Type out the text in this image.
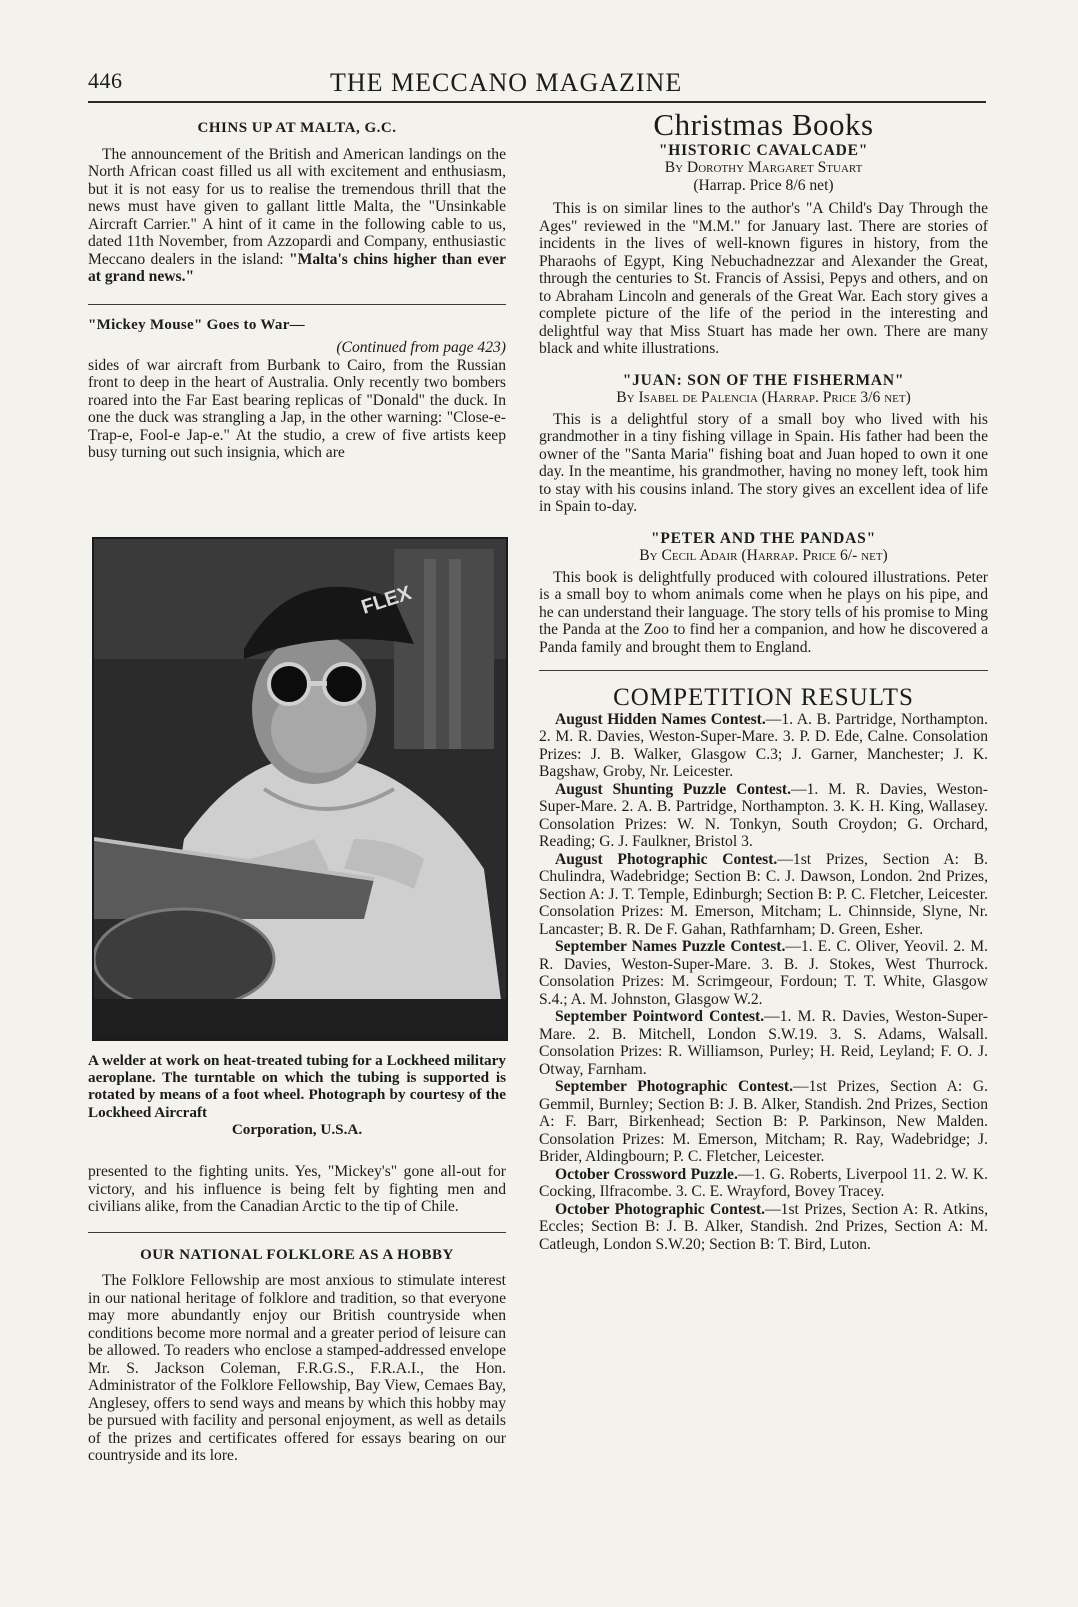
446	THE MECCANO MAGAZINE
CHINS UP AT MALTA, G.C.

The announcement of the British and American landings on the North African coast filled us all with excitement and enthusiasm, but it is not easy for us to realise the tremendous thrill that the news must have given to gallant little Malta, the "Unsinkable Aircraft Carrier." A hint of it came in the following cable to us, dated 11th November, from Azzopardi and Company, enthusiastic Meccano dealers in the island: "Malta's chins higher than ever at grand news."

"Mickey Mouse" Goes to War—
(Continued from page 423)

sides of war aircraft from Burbank to Cairo, from the Russian front to deep in the heart of Australia. Only recently two bombers roared into the Far East bearing replicas of "Donald" the duck. In one the duck was strangling a Jap, in the other warning: "Close-e-Trap-e, Fool-e Jap-e." At the studio, a crew of five artists keep busy turning out such insignia, which are

FLEX
A welder at work on heat-treated tubing for a Lockheed military aeroplane. The turntable on which the tubing is supported is rotated by means of a foot wheel. Photograph by courtesy of the Lockheed Aircraft
Corporation, U.S.A.

presented to the fighting units. Yes, "Mickey's" gone all-out for victory, and his influence is being felt by fighting men and civilians alike, from the Canadian Arctic to the tip of Chile.

OUR NATIONAL FOLKLORE AS A HOBBY

The Folklore Fellowship are most anxious to stimulate interest in our national heritage of folklore and tradition, so that everyone may more abundantly enjoy our British countryside when conditions become more normal and a greater period of leisure can be allowed. To readers who enclose a stamped-addressed envelope Mr. S. Jackson Coleman, F.R.G.S., F.R.A.I., the Hon. Administrator of the Folklore Fellowship, Bay View, Cemaes Bay, Anglesey, offers to send ways and means by which this hobby may be pursued with facility and personal enjoyment, as well as details of the prizes and certificates offered for essays bearing on our countryside and its lore.

Christmas Books
"HISTORIC CAVALCADE"
By Dorothy Margaret Stuart
(Harrap. Price 8/6 net)

This is on similar lines to the author's "A Child's Day Through the Ages" reviewed in the "M.M." for January last. There are stories of incidents in the lives of well-known figures in history, from the Pharaohs of Egypt, King Nebuchadnezzar and Alexander the Great, through the centuries to St. Francis of Assisi, Pepys and others, and on to Abraham Lincoln and generals of the Great War. Each story gives a complete picture of the life of the period in the interesting and delightful way that Miss Stuart has made her own. There are many black and white illustrations.

"JUAN: SON OF THE FISHERMAN"
By Isabel de Palencia (Harrap. Price 3/6 net)

This is a delightful story of a small boy who lived with his grandmother in a tiny fishing village in Spain. His father had been the owner of the "Santa Maria" fishing boat and Juan hoped to own it one day. In the meantime, his grandmother, having no money left, took him to stay with his cousins inland. The story gives an excellent idea of life in Spain to-day.

"PETER AND THE PANDAS"
By Cecil Adair (Harrap. Price 6/- net)

This book is delightfully produced with coloured illustrations. Peter is a small boy to whom animals come when he plays on his pipe, and he can understand their language. The story tells of his promise to Ming the Panda at the Zoo to find her a companion, and how he discovered a Panda family and brought them to England.

COMPETITION RESULTS

August Hidden Names Contest.—1. A. B. Partridge, Northampton. 2. M. R. Davies, Weston-Super-Mare. 3. P. D. Ede, Calne. Consolation Prizes: J. B. Walker, Glasgow C.3; J. Garner, Manchester; J. K. Bagshaw, Groby, Nr. Leicester.

August Shunting Puzzle Contest.—1. M. R. Davies, Weston-Super-Mare. 2. A. B. Partridge, Northampton. 3. K. H. King, Wallasey. Consolation Prizes: W. N. Tonkyn, South Croydon; G. Orchard, Reading; G. J. Faulkner, Bristol 3.

August Photographic Contest.—1st Prizes, Section A: B. Chulindra, Wadebridge; Section B: C. J. Dawson, London. 2nd Prizes, Section A: J. T. Temple, Edinburgh; Section B: P. C. Fletcher, Leicester. Consolation Prizes: M. Emerson, Mitcham; L. Chinnside, Slyne, Nr. Lancaster; B. R. De F. Gahan, Rathfarnham; D. Green, Esher.

September Names Puzzle Contest.—1. E. C. Oliver, Yeovil. 2. M. R. Davies, Weston-Super-Mare. 3. B. J. Stokes, West Thurrock. Consolation Prizes: M. Scrimgeour, Fordoun; T. T. White, Glasgow S.4.; A. M. Johnston, Glasgow W.2.

September Pointword Contest.—1. M. R. Davies, Weston-Super-Mare. 2. B. Mitchell, London S.W.19. 3. S. Adams, Walsall. Consolation Prizes: R. Williamson, Purley; H. Reid, Leyland; F. O. J. Otway, Farnham.

September Photographic Contest.—1st Prizes, Section A: G. Gemmil, Burnley; Section B: J. B. Alker, Standish. 2nd Prizes, Section A: F. Barr, Birkenhead; Section B: P. Parkinson, New Malden. Consolation Prizes: M. Emerson, Mitcham; R. Ray, Wadebridge; J. Brider, Aldingbourn; P. C. Fletcher, Leicester.

October Crossword Puzzle.—1. G. Roberts, Liverpool 11. 2. W. K. Cocking, Ilfracombe. 3. C. E. Wrayford, Bovey Tracey.

October Photographic Contest.—1st Prizes, Section A: R. Atkins, Eccles; Section B: J. B. Alker, Standish. 2nd Prizes, Section A: M. Catleugh, London S.W.20; Section B: T. Bird, Luton.
